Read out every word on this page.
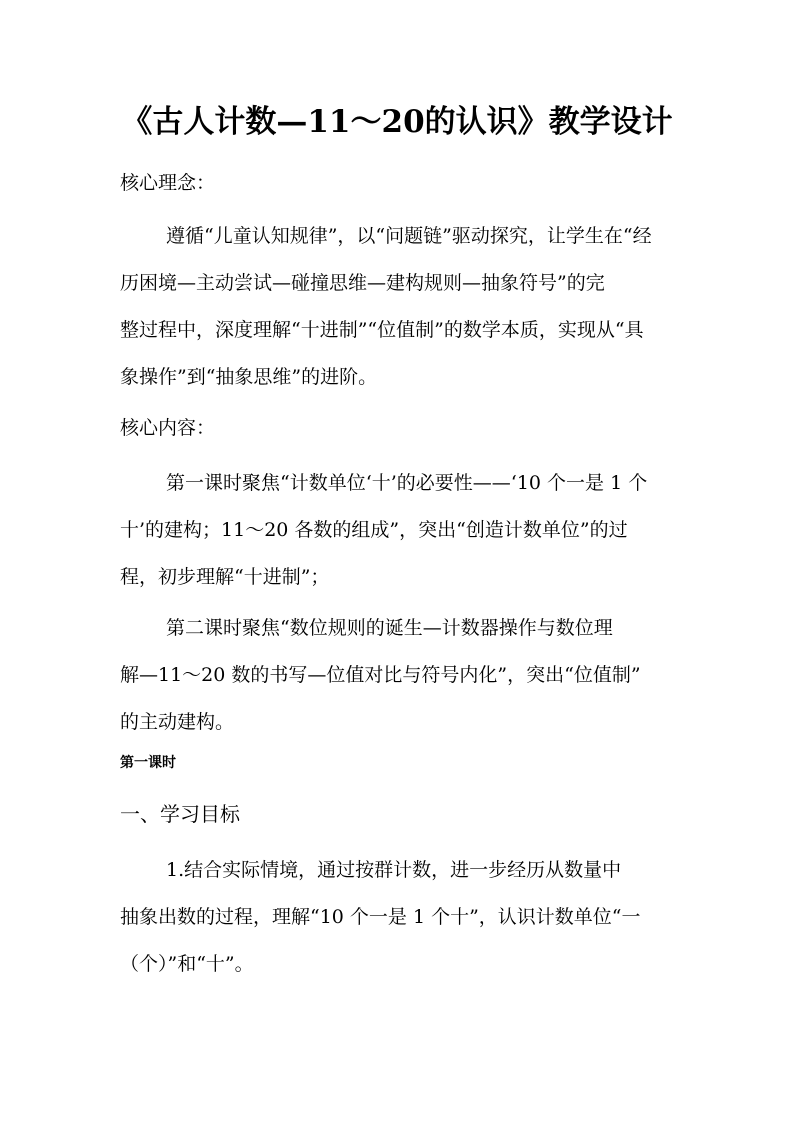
《古人计数—11～20的认识》教学设计
核心理念：
遵循“儿童认知规律”，以“问题链”驱动探究，让学生在“经
历困境—主动尝试—碰撞思维—建构规则—抽象符号”的完
整过程中，深度理解“十进制”“位值制”的数学本质，实现从“具
象操作”到“抽象思维”的进阶。
核心内容：
第一课时聚焦“计数单位‘十’的必要性——‘10 个一是 1 个
十’的建构；11～20 各数的组成”，突出“创造计数单位”的过
程，初步理解“十进制”；
第二课时聚焦“数位规则的诞生—计数器操作与数位理
解—11～20 数的书写—位值对比与符号内化”，突出“位值制”
的主动建构。
第一课时
一、学习目标
1.结合实际情境，通过按群计数，进一步经历从数量中
抽象出数的过程，理解“10 个一是 1 个十”，认识计数单位“一
（个）”和“十”。
